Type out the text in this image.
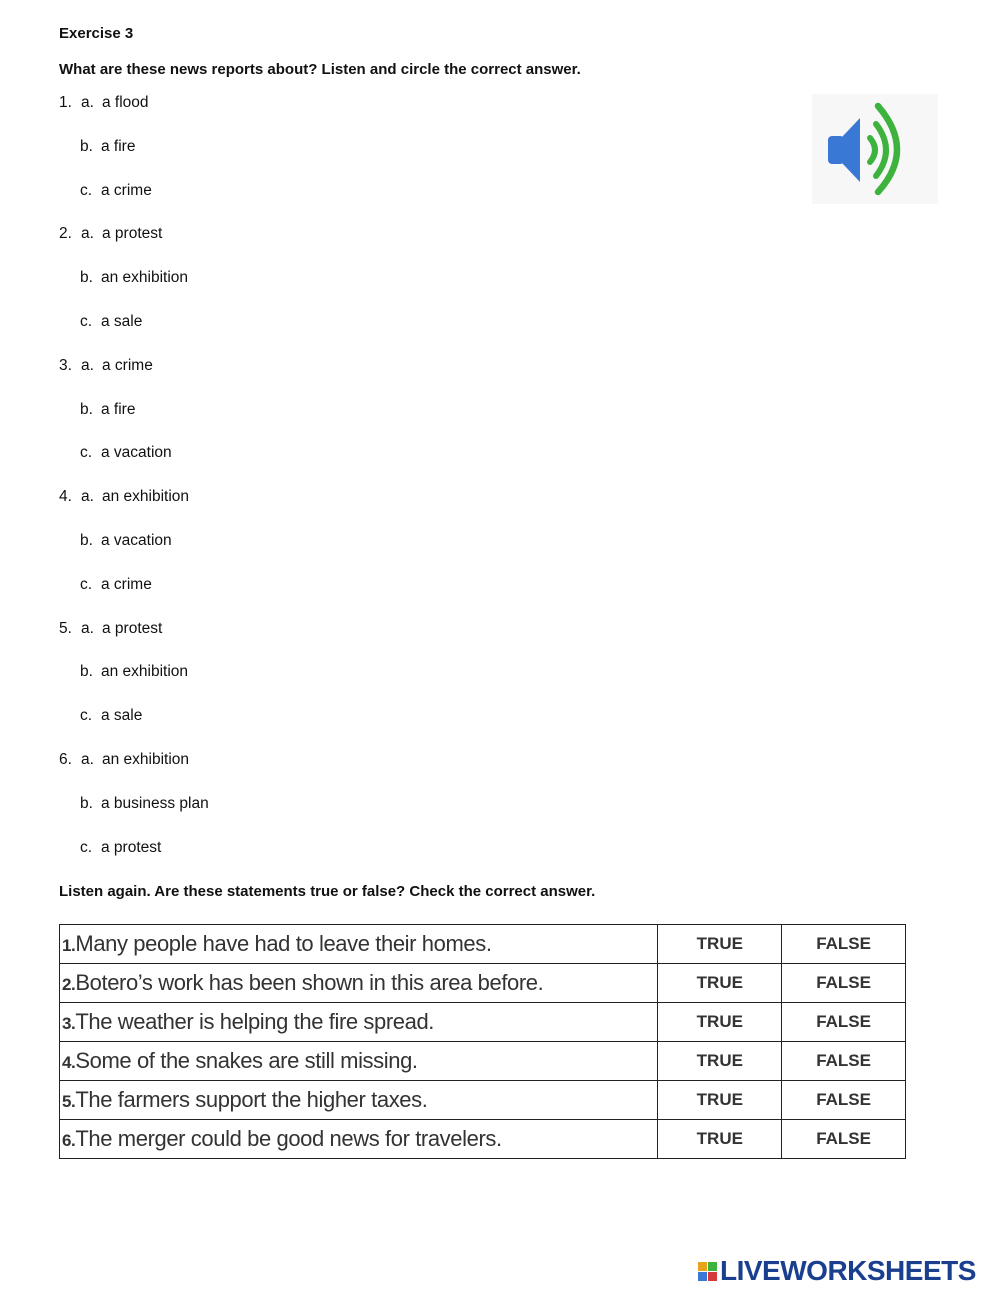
Exercise 3
What are these news reports about? Listen and circle the correct answer.
1. a. a flood
b. a fire
c. a crime
2. a. a protest
b. an exhibition
c. a sale
3. a. a crime
b. a fire
c. a vacation
4. a. an exhibition
b. a vacation
c. a crime
5. a. a protest
b. an exhibition
c. a sale
6. a. an exhibition
b. a business plan
c. a protest
Listen again. Are these statements true or false? Check the correct answer.
1.Many people have had to leave their homes.	TRUE	FALSE
2.Botero’s work has been shown in this area before.	TRUE	FALSE
3.The weather is helping the fire spread.	TRUE	FALSE
4.Some of the snakes are still missing.	TRUE	FALSE
5.The farmers support the higher taxes.	TRUE	FALSE
6.The merger could be good news for travelers.	TRUE	FALSE
LIVEWORKSHEETS
